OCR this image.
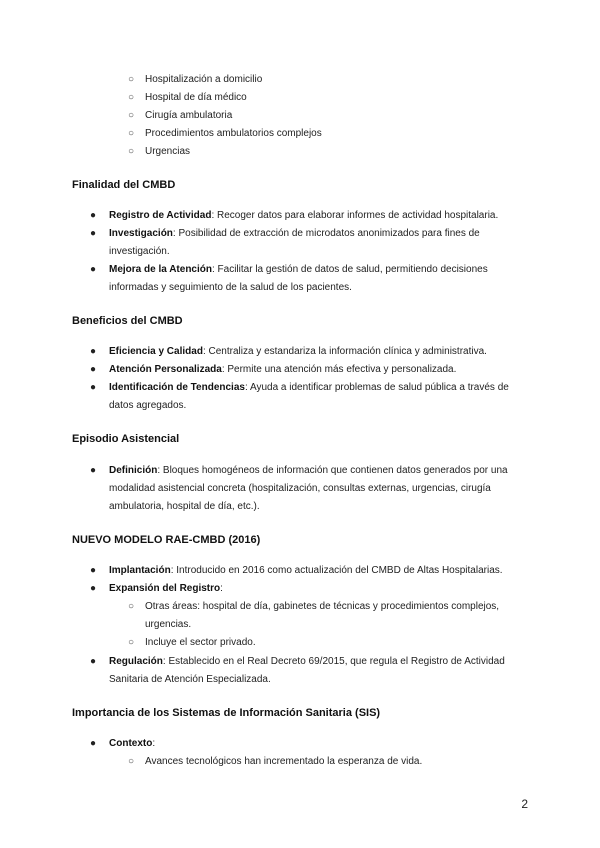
○ Hospitalización a domicilio
○ Hospital de día médico
○ Cirugía ambulatoria
○ Procedimientos ambulatorios complejos
○ Urgencias
Finalidad del CMBD
● Registro de Actividad: Recoger datos para elaborar informes de actividad hospitalaria.
● Investigación: Posibilidad de extracción de microdatos anonimizados para fines de
investigación.
● Mejora de la Atención: Facilitar la gestión de datos de salud, permitiendo decisiones
informadas y seguimiento de la salud de los pacientes.
Beneficios del CMBD
● Eficiencia y Calidad: Centraliza y estandariza la información clínica y administrativa.
● Atención Personalizada: Permite una atención más efectiva y personalizada.
● Identificación de Tendencias: Ayuda a identificar problemas de salud pública a través de
datos agregados.
Episodio Asistencial
● Definición: Bloques homogéneos de información que contienen datos generados por una
modalidad asistencial concreta (hospitalización, consultas externas, urgencias, cirugía
ambulatoria, hospital de día, etc.).
NUEVO MODELO RAE-CMBD (2016)
● Implantación: Introducido en 2016 como actualización del CMBD de Altas Hospitalarias.
● Expansión del Registro:
○ Otras áreas: hospital de día, gabinetes de técnicas y procedimientos complejos,
urgencias.
○ Incluye el sector privado.
● Regulación: Establecido en el Real Decreto 69/2015, que regula el Registro de Actividad
Sanitaria de Atención Especializada.
Importancia de los Sistemas de Información Sanitaria (SIS)
● Contexto:
○ Avances tecnológicos han incrementado la esperanza de vida.
2
